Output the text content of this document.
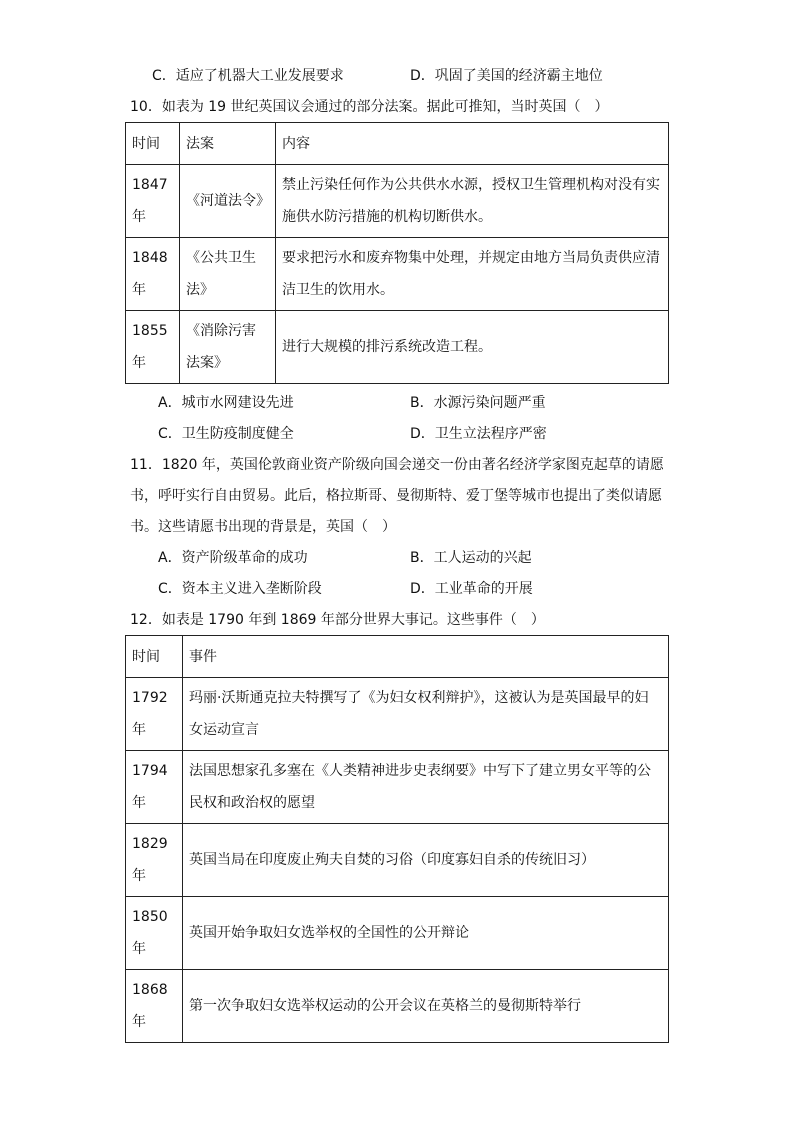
C．适应了机器大工业发展要求	D．巩固了美国的经济霸主地位
10．如表为 19 世纪英国议会通过的部分法案。据此可推知，当时英国（　）
时间	法案	内容
1847年	《河道法令》	禁止污染任何作为公共供水水源，授权卫生管理机构对没有实施供水防污措施的机构切断供水。
1848年	《公共卫生法》	要求把污水和废弃物集中处理，并规定由地方当局负责供应清洁卫生的饮用水。
1855年	《消除污害法案》	进行大规模的排污系统改造工程。
A．城市水网建设先进	B．水源污染问题严重
C．卫生防疫制度健全	D．卫生立法程序严密
11．1820 年，英国伦敦商业资产阶级向国会递交一份由著名经济学家图克起草的请愿
书，呼吁实行自由贸易。此后，格拉斯哥、曼彻斯特、爱丁堡等城市也提出了类似请愿
书。这些请愿书出现的背景是，英国（　）
A．资产阶级革命的成功	B．工人运动的兴起
C．资本主义进入垄断阶段	D．工业革命的开展
12．如表是 1790 年到 1869 年部分世界大事记。这些事件（　）
时间	事件
1792年	玛丽·沃斯通克拉夫特撰写了《为妇女权利辩护》，这被认为是英国最早的妇女运动宣言
1794年	法国思想家孔多塞在《人类精神进步史表纲要》中写下了建立男女平等的公民权和政治权的愿望
1829年	英国当局在印度废止殉夫自焚的习俗（印度寡妇自杀的传统旧习）
1850年	英国开始争取妇女选举权的全国性的公开辩论
1868年	第一次争取妇女选举权运动的公开会议在英格兰的曼彻斯特举行
